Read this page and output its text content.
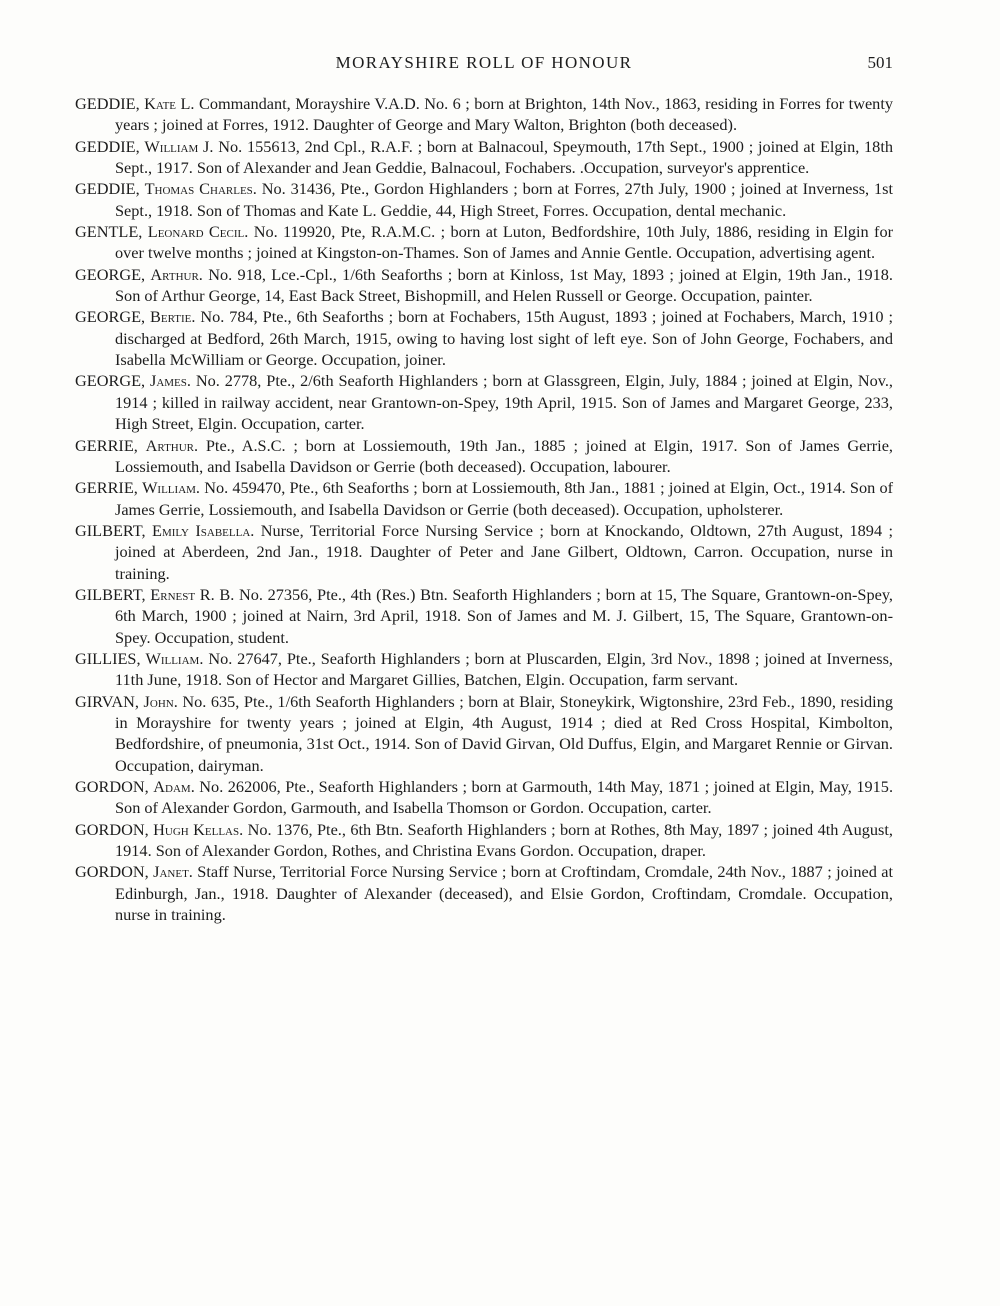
MORAYSHIRE ROLL OF HONOUR	501

GEDDIE, Kate L. Commandant, Morayshire V.A.D. No. 6 ; born at Brighton, 14th Nov., 1863, residing in Forres for twenty years ; joined at Forres, 1912. Daughter of George and Mary Walton, Brighton (both deceased).

GEDDIE, William J. No. 155613, 2nd Cpl., R.A.F. ; born at Balnacoul, Speymouth, 17th Sept., 1900 ; joined at Elgin, 18th Sept., 1917. Son of Alexander and Jean Geddie, Balnacoul, Fochabers. .Occupation, surveyor's apprentice.

GEDDIE, Thomas Charles. No. 31436, Pte., Gordon Highlanders ; born at Forres, 27th July, 1900 ; joined at Inverness, 1st Sept., 1918. Son of Thomas and Kate L. Geddie, 44, High Street, Forres. Occupation, dental mechanic.

GENTLE, Leonard Cecil. No. 119920, Pte, R.A.M.C. ; born at Luton, Bedfordshire, 10th July, 1886, residing in Elgin for over twelve months ; joined at Kingston-on-Thames. Son of James and Annie Gentle. Occupation, advertising agent.

GEORGE, Arthur. No. 918, Lce.-Cpl., 1/6th Seaforths ; born at Kinloss, 1st May, 1893 ; joined at Elgin, 19th Jan., 1918. Son of Arthur George, 14, East Back Street, Bishopmill, and Helen Russell or George. Occupation, painter.

GEORGE, Bertie. No. 784, Pte., 6th Seaforths ; born at Fochabers, 15th August, 1893 ; joined at Fochabers, March, 1910 ; discharged at Bedford, 26th March, 1915, owing to having lost sight of left eye. Son of John George, Fochabers, and Isabella McWilliam or George. Occupation, joiner.

GEORGE, James. No. 2778, Pte., 2/6th Seaforth Highlanders ; born at Glassgreen, Elgin, July, 1884 ; joined at Elgin, Nov., 1914 ; killed in railway accident, near Grantown-on-Spey, 19th April, 1915. Son of James and Margaret George, 233, High Street, Elgin. Occupation, carter.

GERRIE, Arthur. Pte., A.S.C. ; born at Lossiemouth, 19th Jan., 1885 ; joined at Elgin, 1917. Son of James Gerrie, Lossiemouth, and Isabella Davidson or Gerrie (both deceased). Occupation, labourer.

GERRIE, William. No. 459470, Pte., 6th Seaforths ; born at Lossiemouth, 8th Jan., 1881 ; joined at Elgin, Oct., 1914. Son of James Gerrie, Lossiemouth, and Isabella Davidson or Gerrie (both deceased). Occupation, upholsterer.

GILBERT, Emily Isabella. Nurse, Territorial Force Nursing Service ; born at Knockando, Oldtown, 27th August, 1894 ; joined at Aberdeen, 2nd Jan., 1918. Daughter of Peter and Jane Gilbert, Oldtown, Carron. Occupation, nurse in training.

GILBERT, Ernest R. B. No. 27356, Pte., 4th (Res.) Btn. Seaforth Highlanders ; born at 15, The Square, Grantown-on-Spey, 6th March, 1900 ; joined at Nairn, 3rd April, 1918. Son of James and M. J. Gilbert, 15, The Square, Grantown-on-Spey. Occupation, student.

GILLIES, William. No. 27647, Pte., Seaforth Highlanders ; born at Pluscarden, Elgin, 3rd Nov., 1898 ; joined at Inverness, 11th June, 1918. Son of Hector and Margaret Gillies, Batchen, Elgin. Occupation, farm servant.

GIRVAN, John. No. 635, Pte., 1/6th Seaforth Highlanders ; born at Blair, Stoneykirk, Wigtonshire, 23rd Feb., 1890, residing in Morayshire for twenty years ; joined at Elgin, 4th August, 1914 ; died at Red Cross Hospital, Kimbolton, Bedfordshire, of pneumonia, 31st Oct., 1914. Son of David Girvan, Old Duffus, Elgin, and Margaret Rennie or Girvan. Occupation, dairyman.

GORDON, Adam. No. 262006, Pte., Seaforth Highlanders ; born at Garmouth, 14th May, 1871 ; joined at Elgin, May, 1915. Son of Alexander Gordon, Garmouth, and Isabella Thomson or Gordon. Occupation, carter.

GORDON, Hugh Kellas. No. 1376, Pte., 6th Btn. Seaforth Highlanders ; born at Rothes, 8th May, 1897 ; joined 4th August, 1914. Son of Alexander Gordon, Rothes, and Christina Evans Gordon. Occupation, draper.

GORDON, Janet. Staff Nurse, Territorial Force Nursing Service ; born at Croftindam, Cromdale, 24th Nov., 1887 ; joined at Edinburgh, Jan., 1918. Daughter of Alexander (deceased), and Elsie Gordon, Croftindam, Cromdale. Occupation, nurse in training.
